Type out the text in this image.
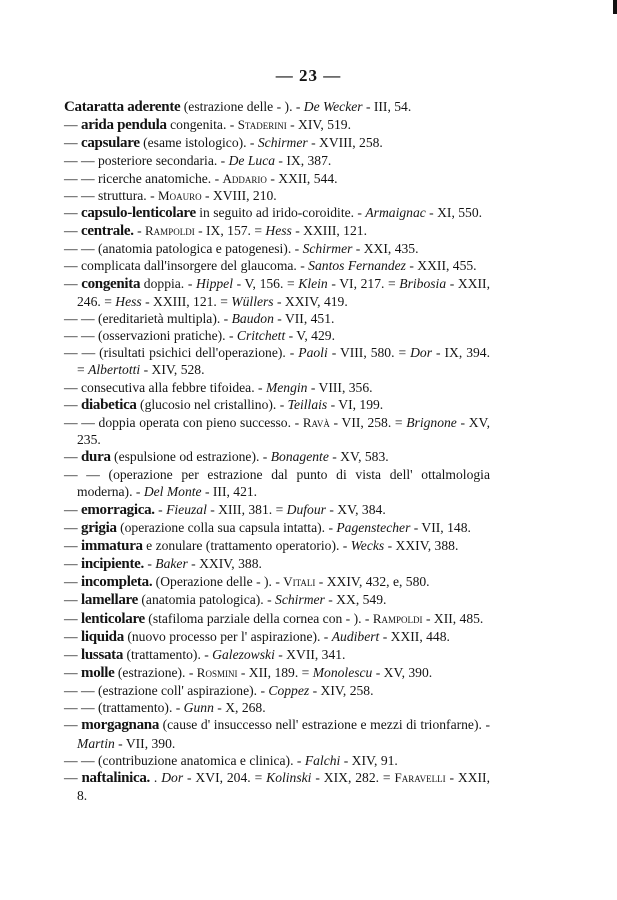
— 23 —
Cataratta aderente (estrazione delle - ). - De Wecker - III, 54.
— arida pendula congenita. - Staderini - XIV, 519.
— capsulare (esame istologico). - Schirmer - XVIII, 258.
— — posteriore secondaria. - De Luca - IX, 387.
— — ricerche anatomiche. - Addario - XXII, 544.
— — struttura. - Moauro - XVIII, 210.
— capsulo-lenticolare in seguito ad irido-coroidite. - Armaignac - XI, 550.
— centrale. - Rampoldi - IX, 157. = Hess - XXIII, 121.
— — (anatomia patologica e patogenesi). - Schirmer - XXI, 435.
— complicata dall'insorgere del glaucoma. - Santos Fernandez - XXII, 455.
— congenita doppia. - Hippel - V, 156. = Klein - VI, 217. = Bribosia - XXII, 246. = Hess - XXIII, 121. = Wüllers - XXIV, 419.
— — (ereditarietà multipla). - Baudon - VII, 451.
— — (osservazioni pratiche). - Critchett - V, 429.
— — (risultati psichici dell'operazione). - Paoli - VIII, 580. = Dor - IX, 394. = Albertotti - XIV, 528.
— consecutiva alla febbre tifoidea. - Mengin - VIII, 356.
— diabetica (glucosio nel cristallino). - Teillais - VI, 199.
— — doppia operata con pieno successo. - Ravà - VII, 258. = Brignone - XV, 235.
— dura (espulsione od estrazione). - Bonagente - XV, 583.
— — (operazione per estrazione dal punto di vista dell' ottalmologia moderna). - Del Monte - III, 421.
— emorragica. - Fieuzal - XIII, 381. = Dufour - XV, 384.
— grigia (operazione colla sua capsula intatta). - Pagenstecher - VII, 148.
— immatura e zonulare (trattamento operatorio). - Wecks - XXIV, 388.
— incipiente. - Baker - XXIV, 388.
— incompleta. (Operazione delle - ). - Vitali - XXIV, 432, e, 580.
— lamellare (anatomia patologica). - Schirmer - XX, 549.
— lenticolare (stafiloma parziale della cornea con - ). - Rampoldi - XII, 485.
— liquida (nuovo processo per l' aspirazione). - Audibert - XXII, 448.
— lussata (trattamento). - Galezowski - XVII, 341.
— molle (estrazione). - Rosmini - XII, 189. = Monolescu - XV, 390.
— — (estrazione coll' aspirazione). - Coppez - XIV, 258.
— — (trattamento). - Gunn - X, 268.
— morgagnana (cause d' insuccesso nell' estrazione e mezzi di trionfarne). - Martin - VII, 390.
— — (contribuzione anatomica e clinica). - Falchi - XIV, 91.
— naftalinica. . Dor - XVI, 204. = Kolinski - XIX, 282. = Faravelli - XXII, 8.
